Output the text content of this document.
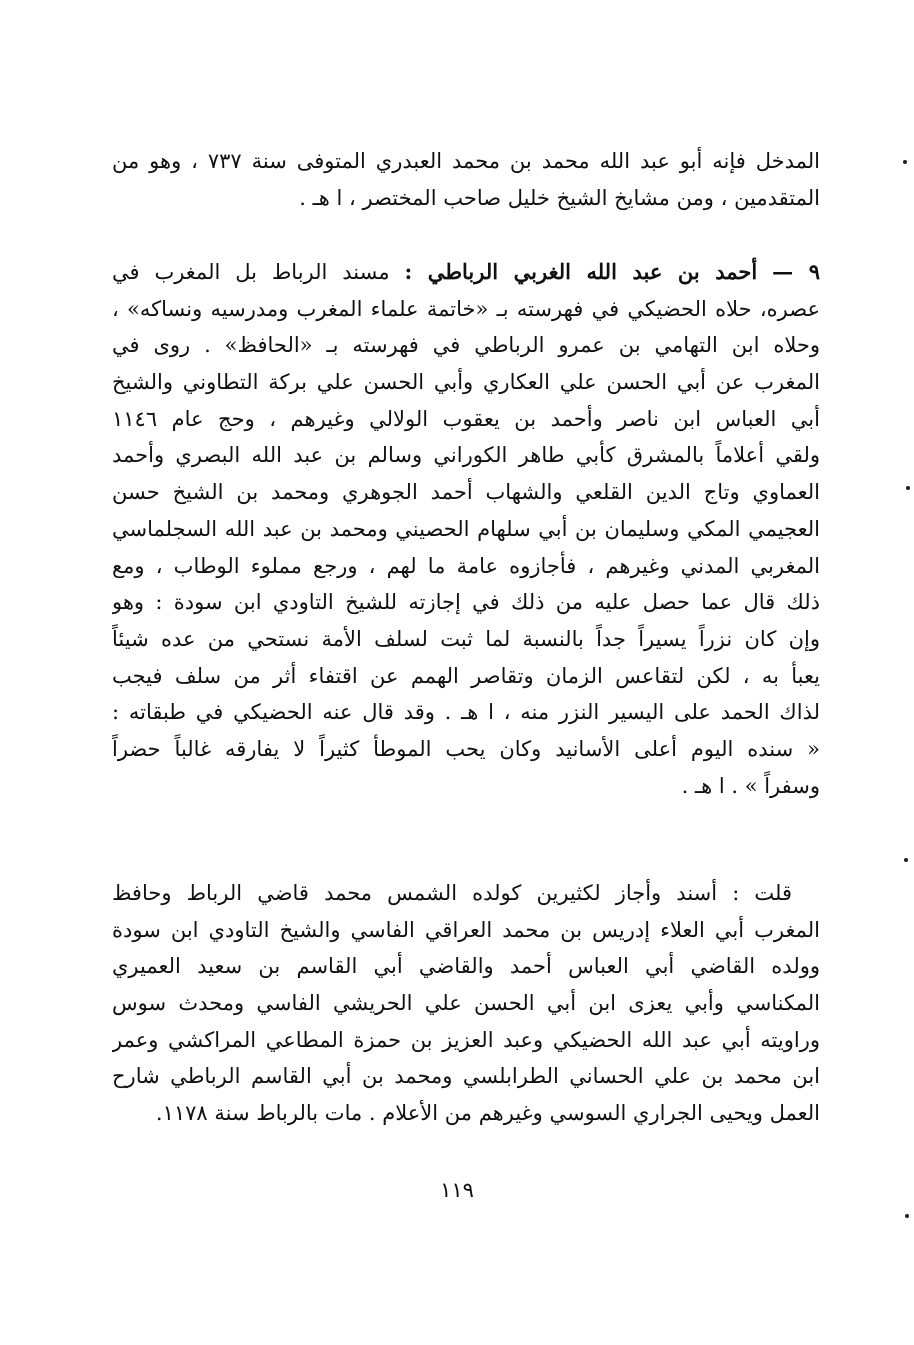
المدخل فإنه أبو عبد الله محمد بن محمد العبدري المتوفى سنة ٧٣٧ ، وهو من
المتقدمين ، ومن مشايخ الشيخ خليل صاحب المختصر ، ا هـ .
٩ — أحمد بن عبد الله الغربي الرباطي : مسند الرباط بل المغرب في
عصره، حلاه الحضيكي في فهرسته بـ «خاتمة علماء المغرب ومدرسيه ونساكه» ،
وحلاه ابن التهامي بن عمرو الرباطي في فهرسته بـ «الحافظ» . روى في
المغرب عن أبي الحسن علي العكاري وأبي الحسن علي بركة التطاوني والشيخ
أبي العباس ابن ناصر وأحمد بن يعقوب الولالي وغيرهم ، وحج عام ١١٤٦
ولقي أعلاماً بالمشرق كأبي طاهر الكوراني وسالم بن عبد الله البصري وأحمد
العماوي وتاج الدين القلعي والشهاب أحمد الجوهري ومحمد بن الشيخ حسن
العجيمي المكي وسليمان بن أبي سلهام الحصيني ومحمد بن عبد الله السجلماسي
المغربي المدني وغيرهم ، فأجازوه عامة ما لهم ، ورجع مملوء الوطاب ، ومع
ذلك قال عما حصل عليه من ذلك في إجازته للشيخ التاودي ابن سودة : وهو
وإن كان نزراً يسيراً جداً بالنسبة لما ثبت لسلف الأمة نستحي من عده شيئاً
يعبأ به ، لكن لتقاعس الزمان وتقاصر الهمم عن اقتفاء أثر من سلف فيجب
لذاك الحمد على اليسير النزر منه ، ا هـ . وقد قال عنه الحضيكي في طبقاته :
« سنده اليوم أعلى الأسانيد وكان يحب الموطأ كثيراً لا يفارقه غالباً حضراً
وسفراً » . ا هـ .
قلت : أسند وأجاز لكثيرين كولده الشمس محمد قاضي الرباط وحافظ
المغرب أبي العلاء إدريس بن محمد العراقي الفاسي والشيخ التاودي ابن سودة
وولده القاضي أبي العباس أحمد والقاضي أبي القاسم بن سعيد العميري
المكناسي وأبي يعزى ابن أبي الحسن علي الحريشي الفاسي ومحدث سوس
وراويته أبي عبد الله الحضيكي وعبد العزيز بن حمزة المطاعي المراكشي وعمر
ابن محمد بن علي الحساني الطرابلسي ومحمد بن أبي القاسم الرباطي شارح
العمل ويحيى الجراري السوسي وغيرهم من الأعلام . مات بالرباط سنة ١١٧٨.
١١٩
